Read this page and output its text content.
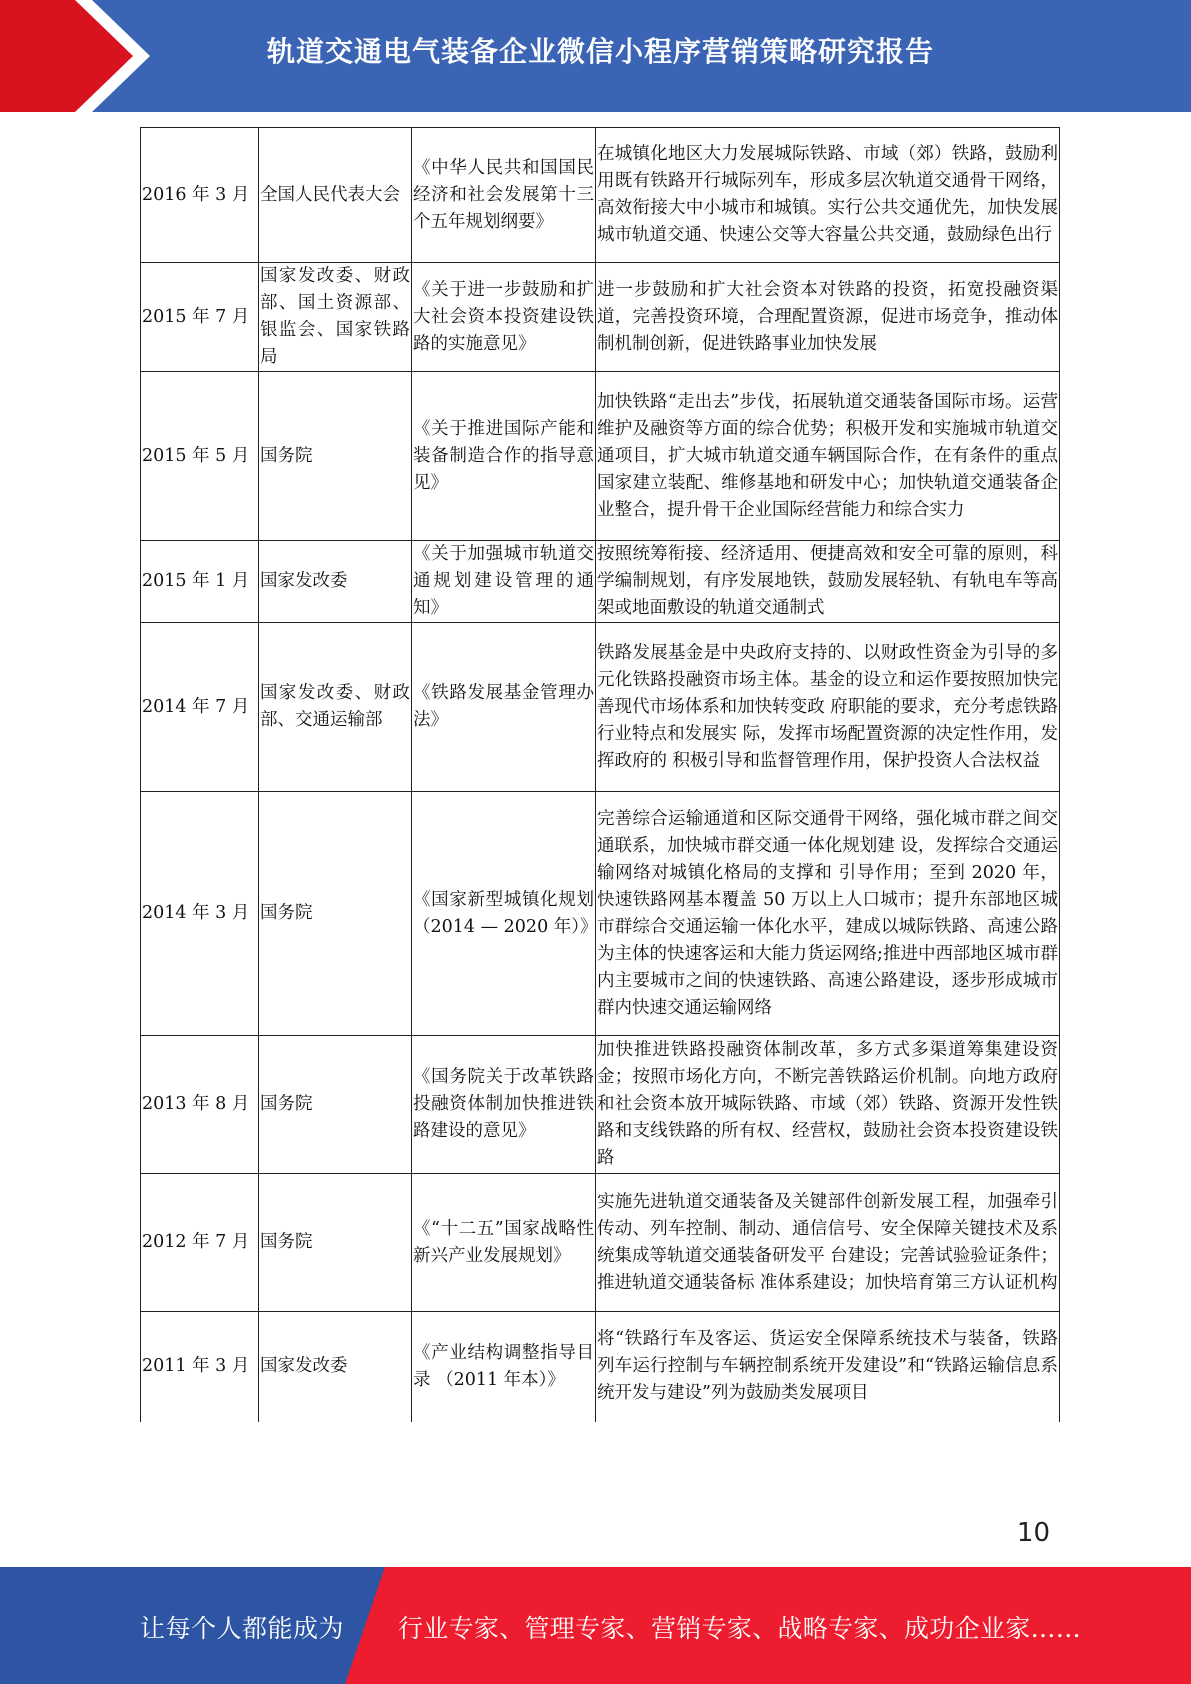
轨道交通电气装备企业微信小程序营销策略研究报告
2016 年 3 月	全国人民代表大会	《中华人民共和国国民经济和社会发展第十三个五年规划纲要》	在城镇化地区大力发展城际铁路、市域（郊）铁路，鼓励利用既有铁路开行城际列车，形成多层次轨道交通骨干网络，高效衔接大中小城市和城镇。实行公共交通优先，加快发展城市轨道交通、快速公交等大容量公共交通，鼓励绿色出行
2015 年 7 月	国家发改委、财政部、国土资源部、银监会、国家铁路局	《关于进一步鼓励和扩大社会资本投资建设铁路的实施意见》	进一步鼓励和扩大社会资本对铁路的投资，拓宽投融资渠道，完善投资环境，合理配置资源，促进市场竞争，推动体制机制创新，促进铁路事业加快发展
2015 年 5 月	国务院	《关于推进国际产能和装备制造合作的指导意见》	加快铁路“走出去”步伐，拓展轨道交通装备国际市场。运营维护及融资等方面的综合优势；积极开发和实施城市轨道交通项目，扩大城市轨道交通车辆国际合作，在有条件的重点国家建立装配、维修基地和研发中心；加快轨道交通装备企业整合，提升骨干企业国际经营能力和综合实力
2015 年 1 月	国家发改委	《关于加强城市轨道交通规划建设管理的通知》	按照统筹衔接、经济适用、便捷高效和安全可靠的原则，科学编制规划，有序发展地铁，鼓励发展轻轨、有轨电车等高架或地面敷设的轨道交通制式
2014 年 7 月	国家发改委、财政部、交通运输部	《铁路发展基金管理办法》	铁路发展基金是中央政府支持的、以财政性资金为引导的多元化铁路投融资市场主体。基金的设立和运作要按照加快完善现代市场体系和加快转变政 府职能的要求，充分考虑铁路行业特点和发展实 际，发挥市场配置资源的决定性作用，发挥政府的 积极引导和监督管理作用，保护投资人合法权益
2014 年 3 月	国务院	《国家新型城镇化规划（2014 — 2020 年）》	完善综合运输通道和区际交通骨干网络，强化城市群之间交通联系，加快城市群交通一体化规划建 设，发挥综合交通运输网络对城镇化格局的支撑和 引导作用；至到 2020 年，快速铁路网基本覆盖 50 万以上人口城市；提升东部地区城市群综合交通运输一体化水平，建成以城际铁路、高速公路为主体的快速客运和大能力货运网络;推进中西部地区城市群内主要城市之间的快速铁路、高速公路建设，逐步形成城市群内快速交通运输网络
2013 年 8 月	国务院	《国务院关于改革铁路投融资体制加快推进铁路建设的意见》	加快推进铁路投融资体制改革，多方式多渠道筹集建设资金；按照市场化方向，不断完善铁路运价机制。向地方政府和社会资本放开城际铁路、市域（郊）铁路、资源开发性铁路和支线铁路的所有权、经营权，鼓励社会资本投资建设铁路
2012 年 7 月	国务院	《“十二五”国家战略性新兴产业发展规划》	实施先进轨道交通装备及关键部件创新发展工程，加强牵引传动、列车控制、制动、通信信号、安全保障关键技术及系统集成等轨道交通装备研发平 台建设；完善试验验证条件；推进轨道交通装备标 准体系建设；加快培育第三方认证机构
2011 年 3 月	国家发改委	《产业结构调整指导目录 （2011 年本）》	将“铁路行车及客运、货运安全保障系统技术与装备，铁路列车运行控制与车辆控制系统开发建设”和“铁路运输信息系统开发与建设”列为鼓励类发展项目
10
让每个人都能成为 行业专家、管理专家、营销专家、战略专家、成功企业家……
